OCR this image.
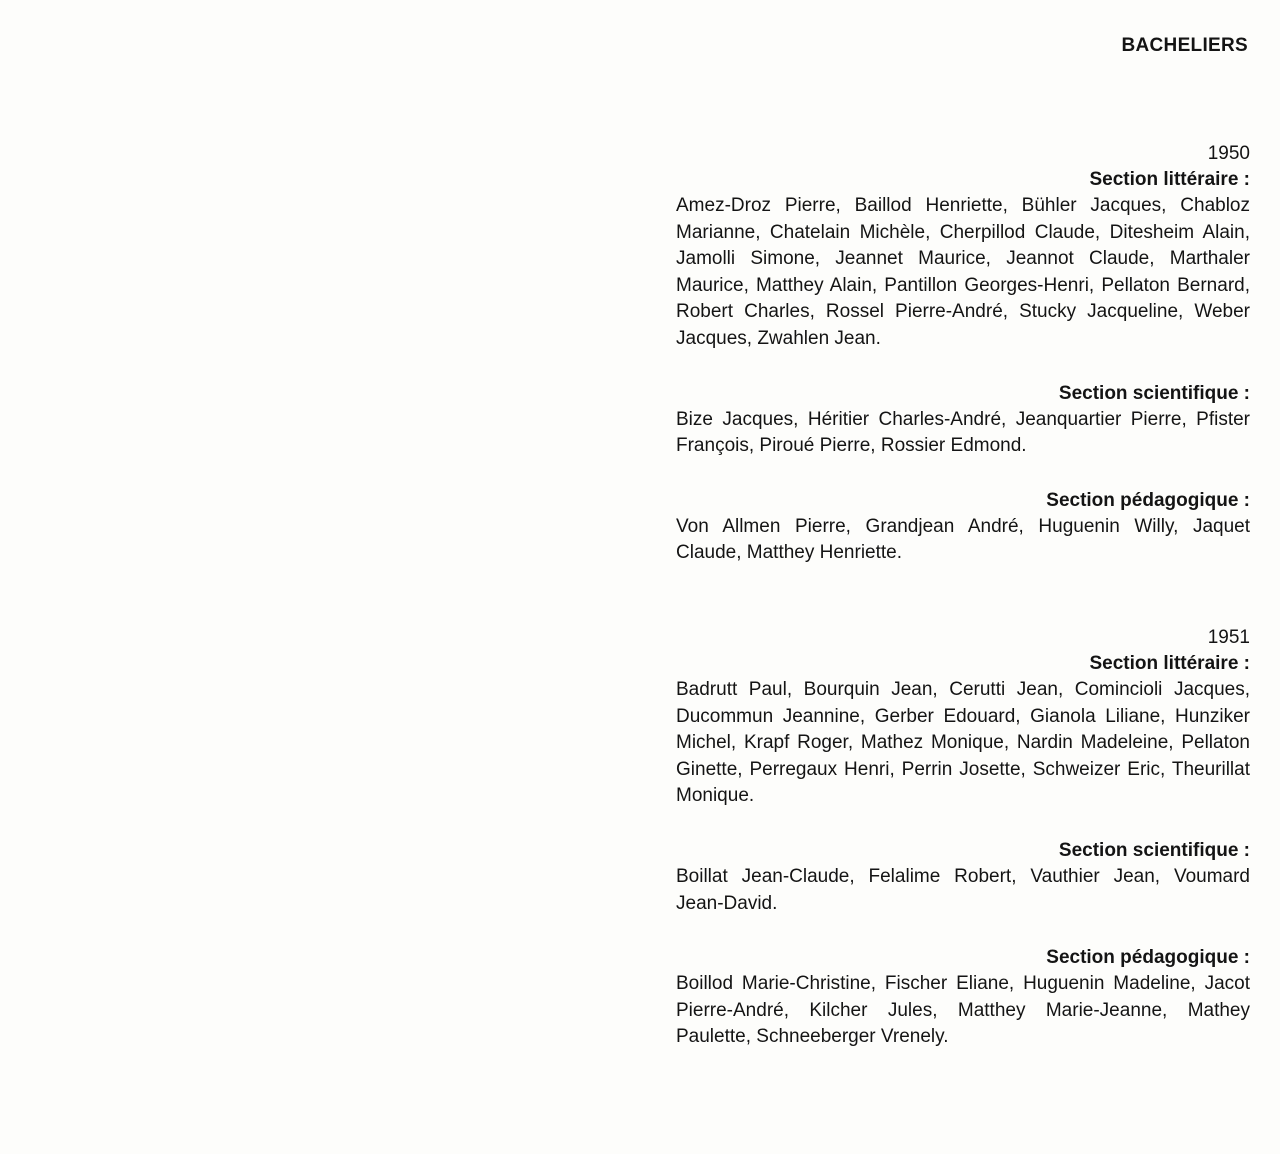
BACHELIERS
1950
Section littéraire :

Amez-Droz Pierre, Baillod Henriette, Bühler Jacques, Chabloz Marianne, Chatelain Michèle, Cherpillod Claude, Ditesheim Alain, Jamolli Simone, Jeannet Maurice, Jeannot Claude, Marthaler Maurice, Matthey Alain, Pantillon Georges-Henri, Pellaton Bernard, Robert Charles, Rossel Pierre-André, Stucky Jacqueline, Weber Jacques, Zwahlen Jean.

Section scientifique :

Bize Jacques, Héritier Charles-André, Jeanquartier Pierre, Pfister François, Piroué Pierre, Rossier Edmond.

Section pédagogique :

Von Allmen Pierre, Grandjean André, Huguenin Willy, Jaquet Claude, Matthey Henriette.

1951
Section littéraire :

Badrutt Paul, Bourquin Jean, Cerutti Jean, Comincioli Jacques, Ducommun Jeannine, Gerber Edouard, Gianola Liliane, Hunziker Michel, Krapf Roger, Mathez Monique, Nardin Madeleine, Pellaton Ginette, Perregaux Henri, Perrin Josette, Schweizer Eric, Theurillat Monique.

Section scientifique :

Boillat Jean-Claude, Felalime Robert, Vauthier Jean, Voumard Jean-David.

Section pédagogique :

Boillod Marie-Christine, Fischer Eliane, Huguenin Madeline, Jacot Pierre-André, Kilcher Jules, Matthey Marie-Jeanne, Mathey Paulette, Schneeberger Vrenely.
